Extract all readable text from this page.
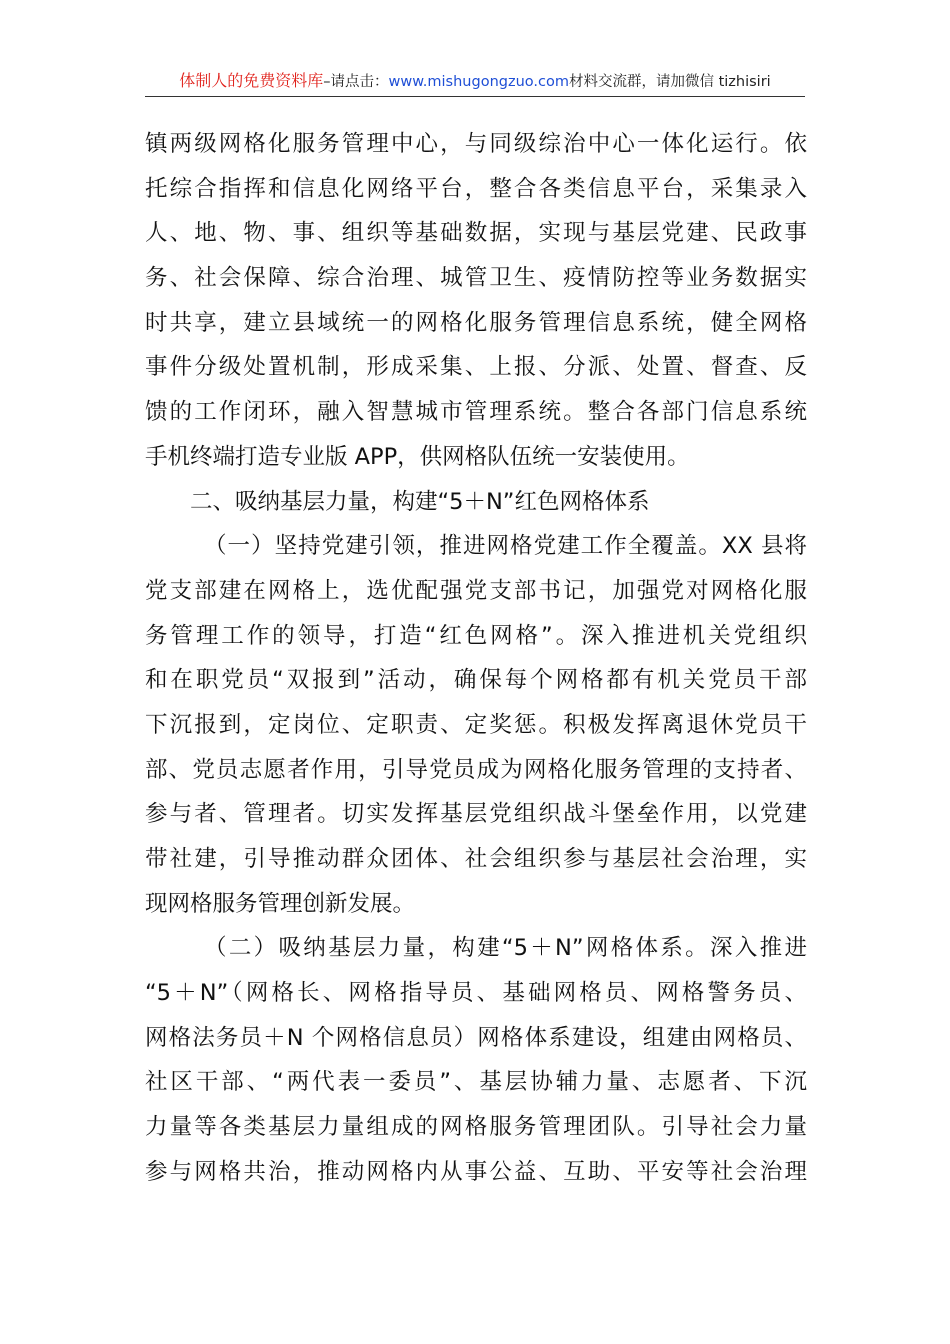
体制人的免费资料库–请点击：www.mishugongzuo.com材料交流群，请加微信 tizhisiri
镇两级网格化服务管理中心，与同级综治中心一体化运行。依
托综合指挥和信息化网络平台，整合各类信息平台，采集录入
人、地、物、事、组织等基础数据，实现与基层党建、民政事
务、社会保障、综合治理、城管卫生、疫情防控等业务数据实
时共享，建立县域统一的网格化服务管理信息系统，健全网格
事件分级处置机制，形成采集、上报、分派、处置、督查、反
馈的工作闭环，融入智慧城市管理系统。整合各部门信息系统
手机终端打造专业版 APP，供网格队伍统一安装使用。
二、吸纳基层力量，构建“5＋N”红色网格体系
（一）坚持党建引领，推进网格党建工作全覆盖。XX 县将
党支部建在网格上，选优配强党支部书记，加强党对网格化服
务管理工作的领导，打造“红色网格”。深入推进机关党组织
和在职党员“双报到”活动，确保每个网格都有机关党员干部
下沉报到，定岗位、定职责、定奖惩。积极发挥离退休党员干
部、党员志愿者作用，引导党员成为网格化服务管理的支持者、
参与者、管理者。切实发挥基层党组织战斗堡垒作用，以党建
带社建，引导推动群众团体、社会组织参与基层社会治理，实
现网格服务管理创新发展。
（二）吸纳基层力量，构建“5＋N”网格体系。深入推进
“5＋N”（网格长、网格指导员、基础网格员、网格警务员、
网格法务员＋N 个网格信息员）网格体系建设，组建由网格员、
社区干部、“两代表一委员”、基层协辅力量、志愿者、下沉
力量等各类基层力量组成的网格服务管理团队。引导社会力量
参与网格共治，推动网格内从事公益、互助、平安等社会治理
